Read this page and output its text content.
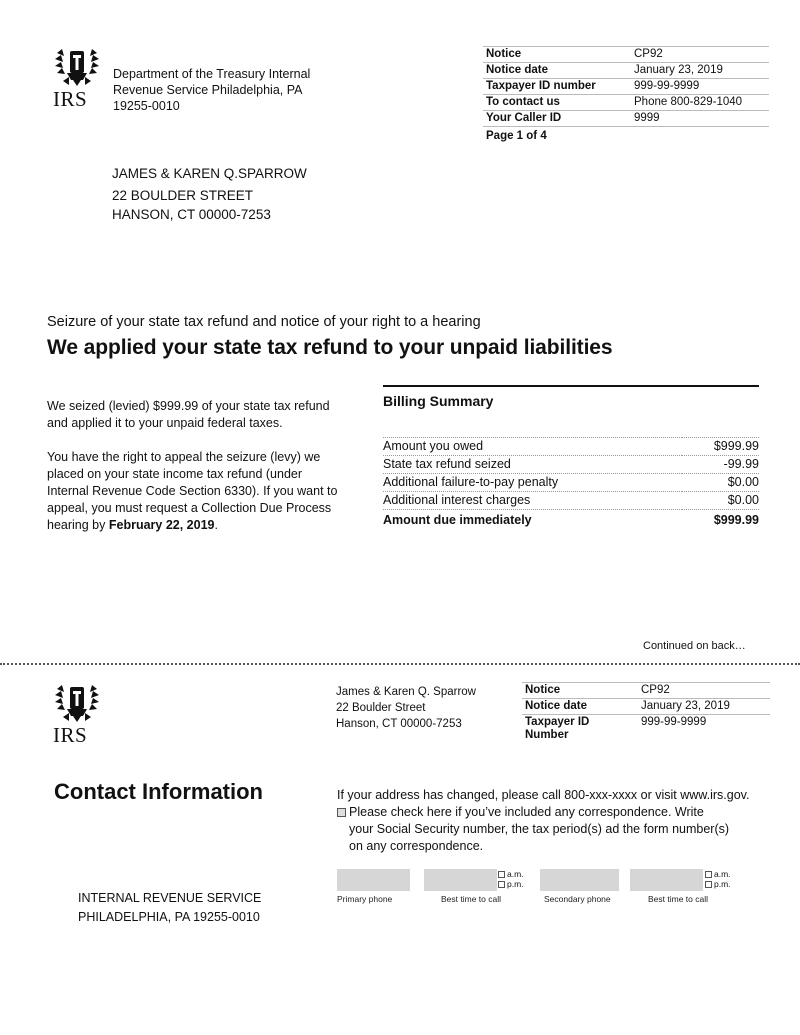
IRS
Department of the Treasury Internal
Revenue Service Philadelphia, PA
19255-0010
Notice	CP92
Notice date	January 23, 2019
Taxpayer ID number	999-99-9999
To contact us	Phone 800-829-1040
Your Caller ID	9999
Page 1 of 4	
JAMES & KAREN Q.SPARROW
22 BOULDER STREET
HANSON, CT 00000-7253
Seizure of your state tax refund and notice of your right to a hearing
We applied your state tax refund to your unpaid liabilities

We seized (levied) $999.99 of your state tax refund and applied it to your unpaid federal taxes.

You have the right to appeal the seizure (levy) we placed on your state income tax refund (under Internal Revenue Code Section 6330). If you want to appeal, you must request a Collection Due Process hearing by February 22, 2019.

Billing Summary
Amount you owed	$999.99
State tax refund seized	-99.99
Additional failure-to-pay penalty	$0.00
Additional interest charges	$0.00
Amount due immediately	$999.99
Continued on back…
IRS
James & Karen Q. Sparrow
22 Boulder Street
Hanson, CT 00000-7253
Notice	CP92
Notice date	January 23, 2019
Taxpayer ID Number	999-99-9999
Contact Information	If your address has changed, please call 800-xxx-xxxx or visit www.irs.gov.
Please check here if you’ve included any correspondence. Write
your Social Security number, the tax period(s) ad the form number(s)
on any correspondence.
a.m.
p.m.
a.m.
p.m.
Primary phone	Best time to call	Secondary phone	Best time to call
INTERNAL REVENUE SERVICE
PHILADELPHIA, PA 19255-0010
